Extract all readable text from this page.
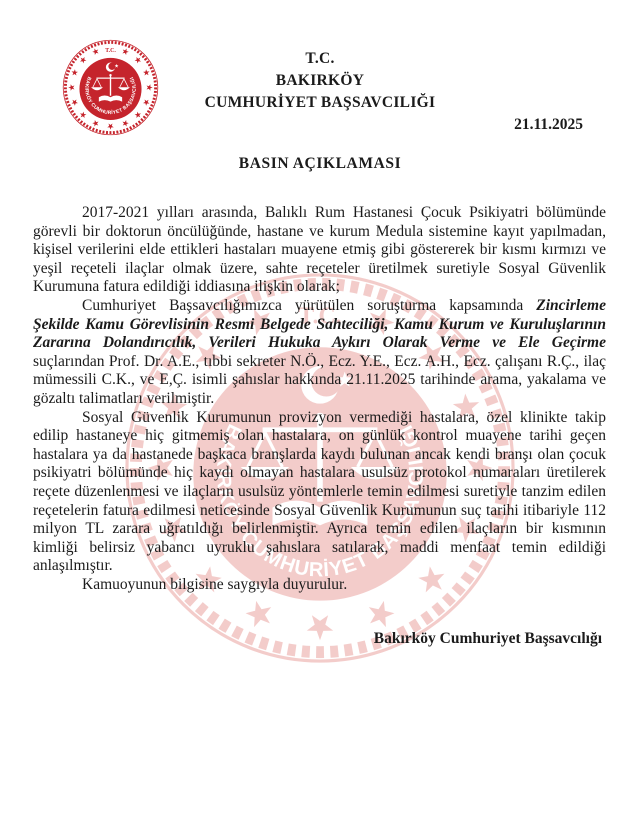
T.C.
BAKIRKÖY
CUMHURİYET BAŞSAVCILIĞI
21.11.2025
BASIN AÇIKLAMASI

2017-2021 yılları arasında, Balıklı Rum Hastanesi Çocuk Psikiyatri bölümünde görevli bir doktorun öncülüğünde, hastane ve kurum Medula sistemine kayıt yapılmadan, kişisel verilerini elde ettikleri hastaları muayene etmiş gibi göstererek bir kısmı kırmızı ve yeşil reçeteli ilaçlar olmak üzere, sahte reçeteler üretilmek suretiyle Sosyal Güvenlik Kurumuna fatura edildiği iddiasına ilişkin olarak;

Cumhuriyet Başsavcılığımızca yürütülen soruşturma kapsamında Zincirleme Şekilde Kamu Görevlisinin Resmi Belgede Sahteciliği, Kamu Kurum ve Kuruluşlarının Zararına Dolandırıcılık, Verileri Hukuka Aykırı Olarak Verme ve Ele Geçirme suçlarından Prof. Dr. A.E., tıbbi sekreter N.Ö., Ecz. Y.E., Ecz. A.H., Ecz. çalışanı R.Ç., ilaç mümessili C.K., ve E,Ç. isimli şahıslar hakkında 21.11.2025 tarihinde arama, yakalama ve gözaltı talimatları verilmiştir.

Sosyal Güvenlik Kurumunun provizyon vermediği hastalara, özel klinikte takip edilip hastaneye hiç gitmemiş olan hastalara, on günlük kontrol muayene tarihi geçen hastalara ya da hastanede başkaca branşlarda kaydı bulunan ancak kendi branşı olan çocuk psikiyatri bölümünde hiç kaydı olmayan hastalara usulsüz protokol numaraları üretilerek reçete düzenlenmesi ve ilaçların usulsüz yöntemlerle temin edilmesi suretiyle tanzim edilen reçetelerin fatura edilmesi neticesinde Sosyal Güvenlik Kurumunun suç tarihi itibariyle 112 milyon TL zarara uğratıldığı belirlenmiştir. Ayrıca temin edilen ilaçların bir kısmının kimliği belirsiz yabancı uyruklu şahıslara satılarak, maddi menfaat temin edildiği anlaşılmıştır.

Kamuoyunun bilgisine saygıyla duyurulur.

Bakırköy Cumhuriyet Başsavcılığı
